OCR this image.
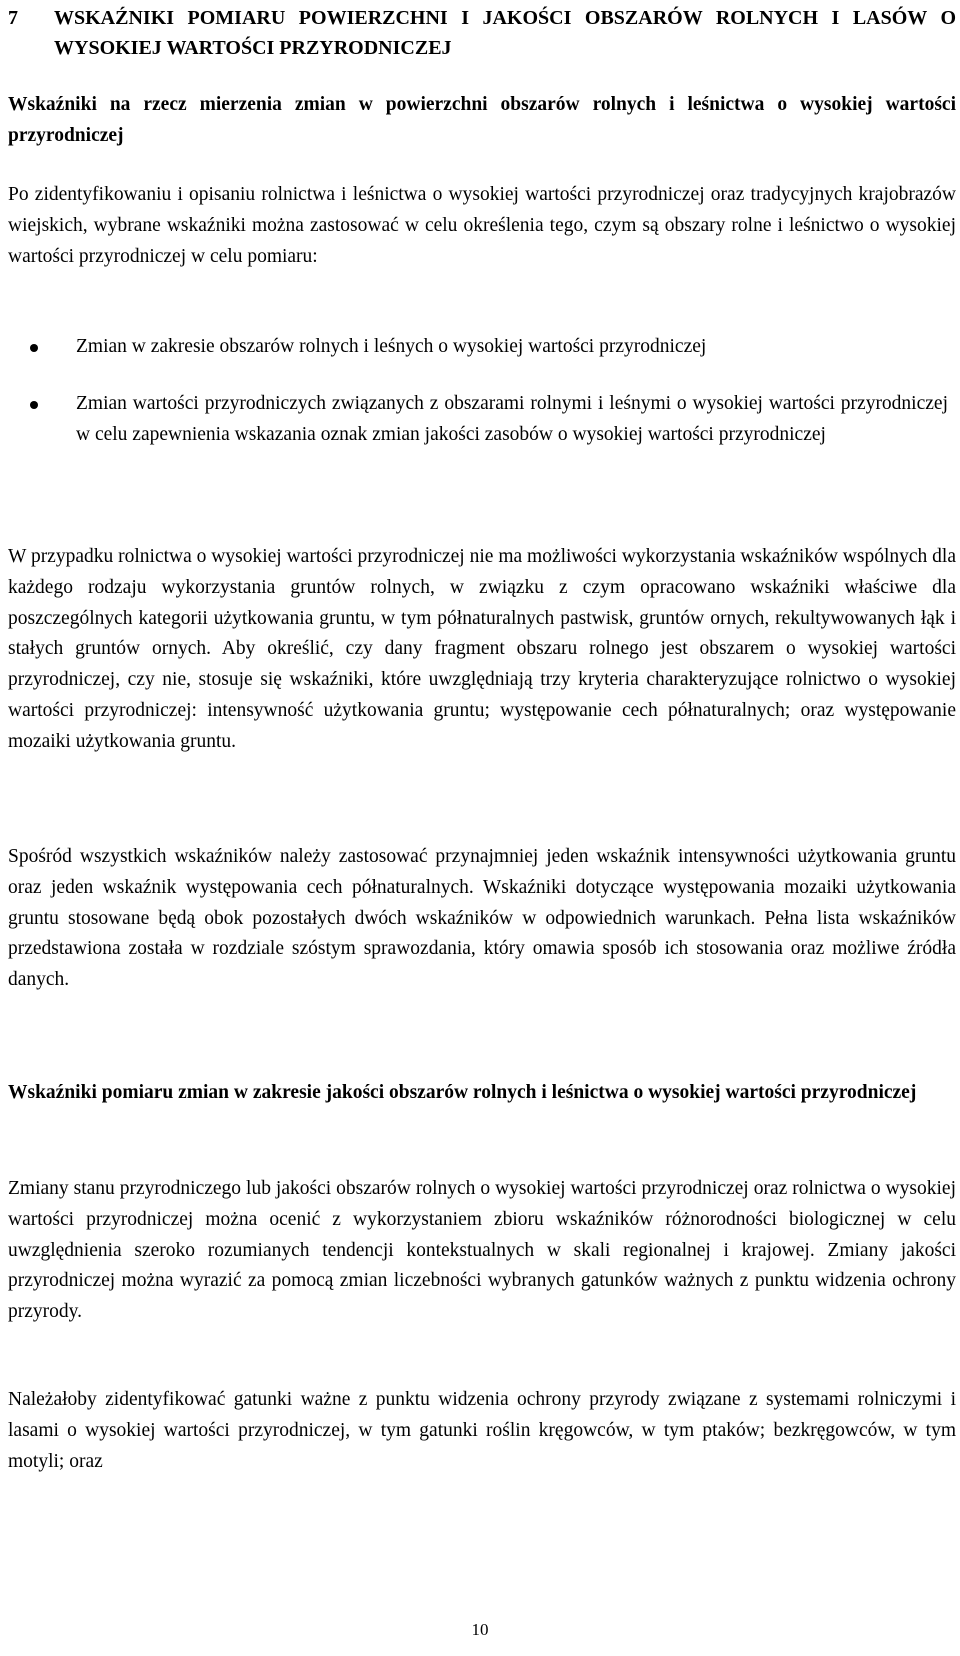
7 WSKAŹNIKI POMIARU POWIERZCHNI I JAKOŚCI OBSZARÓW ROLNYCH I LASÓW O WYSOKIEJ WARTOŚCI PRZYRODNICZEJ

Wskaźniki na rzecz mierzenia zmian w powierzchni obszarów rolnych i leśnictwa o wysokiej wartości przyrodniczej

Po zidentyfikowaniu i opisaniu rolnictwa i leśnictwa o wysokiej wartości przyrodniczej oraz tradycyjnych krajobrazów wiejskich, wybrane wskaźniki można zastosować w celu określenia tego, czym są obszary rolne i leśnictwo o wysokiej wartości przyrodniczej w celu pomiaru:

Zmian w zakresie obszarów rolnych i leśnych o wysokiej wartości przyrodniczej
Zmian wartości przyrodniczych związanych z obszarami rolnymi i leśnymi o wysokiej wartości przyrodniczej w celu zapewnienia wskazania oznak zmian jakości zasobów o wysokiej wartości przyrodniczej

W przypadku rolnictwa o wysokiej wartości przyrodniczej nie ma możliwości wykorzystania wskaźników wspólnych dla każdego rodzaju wykorzystania gruntów rolnych, w związku z czym opracowano wskaźniki właściwe dla poszczególnych kategorii użytkowania gruntu, w tym półnaturalnych pastwisk, gruntów ornych, rekultywowanych łąk i stałych gruntów ornych. Aby określić, czy dany fragment obszaru rolnego jest obszarem o wysokiej wartości przyrodniczej, czy nie, stosuje się wskaźniki, które uwzględniają trzy kryteria charakteryzujące rolnictwo o wysokiej wartości przyrodniczej: intensywność użytkowania gruntu; występowanie cech półnaturalnych; oraz występowanie mozaiki użytkowania gruntu.

Spośród wszystkich wskaźników należy zastosować przynajmniej jeden wskaźnik intensywności użytkowania gruntu oraz jeden wskaźnik występowania cech półnaturalnych. Wskaźniki dotyczące występowania mozaiki użytkowania gruntu stosowane będą obok pozostałych dwóch wskaźników w odpowiednich warunkach. Pełna lista wskaźników przedstawiona została w rozdziale szóstym sprawozdania, który omawia sposób ich stosowania oraz możliwe źródła danych.

Wskaźniki pomiaru zmian w zakresie jakości obszarów rolnych i leśnictwa o wysokiej wartości przyrodniczej

Zmiany stanu przyrodniczego lub jakości obszarów rolnych o wysokiej wartości przyrodniczej oraz rolnictwa o wysokiej wartości przyrodniczej można ocenić z wykorzystaniem zbioru wskaźników różnorodności biologicznej w celu uwzględnienia szeroko rozumianych tendencji kontekstualnych w skali regionalnej i krajowej. Zmiany jakości przyrodniczej można wyrazić za pomocą zmian liczebności wybranych gatunków ważnych z punktu widzenia ochrony przyrody.

Należałoby zidentyfikować gatunki ważne z punktu widzenia ochrony przyrody związane z systemami rolniczymi i lasami o wysokiej wartości przyrodniczej, w tym gatunki roślin kręgowców, w tym ptaków; bezkręgowców, w tym motyli; oraz

10
